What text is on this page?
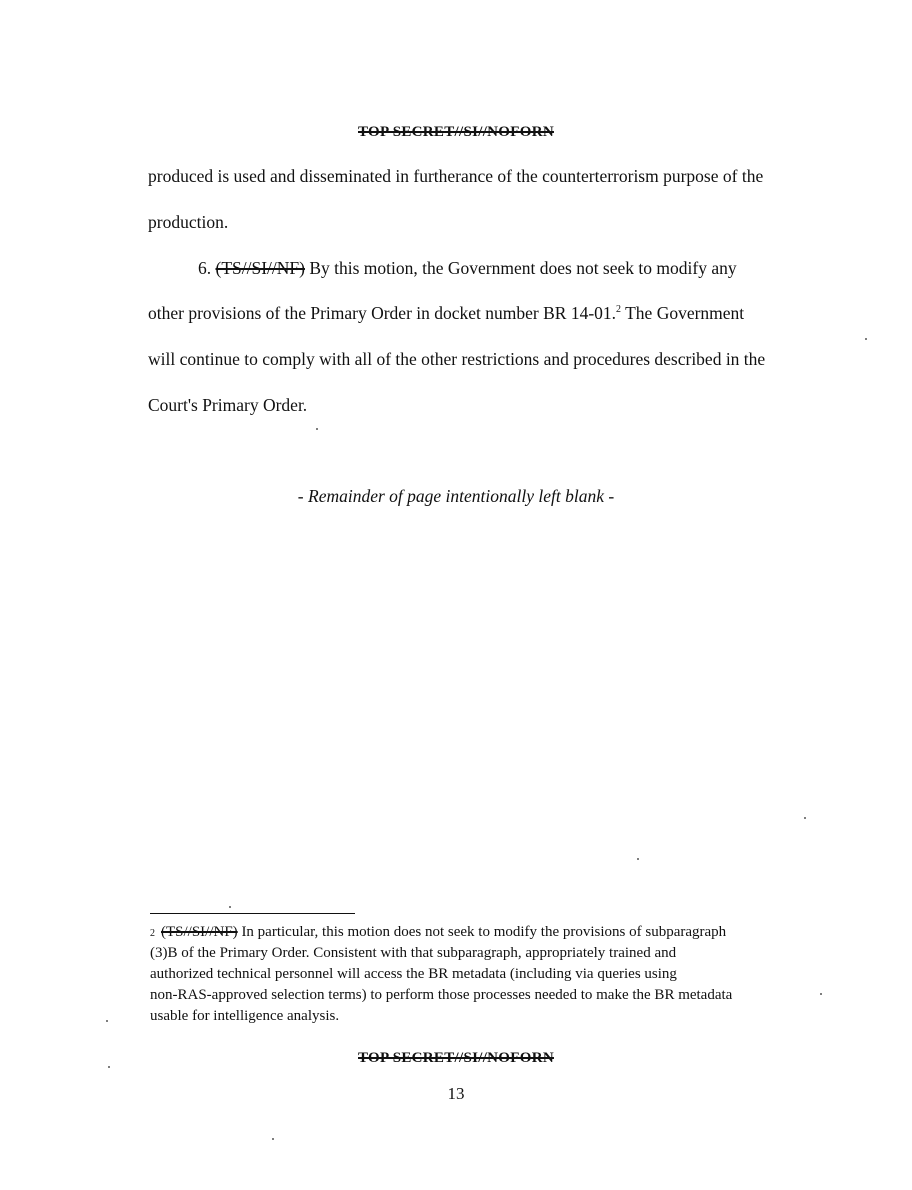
TOP SECRET//SI//NOFORN
produced is used and disseminated in furtherance of the counterterrorism purpose of the
production.
6. (TS//SI//NF) By this motion, the Government does not seek to modify any
other provisions of the Primary Order in docket number BR 14-01.$^2$ The Government
will continue to comply with all of the other restrictions and procedures described in the
Court's Primary Order.
- Remainder of page intentionally left blank -
2 (TS//SI//NF) In particular, this motion does not seek to modify the provisions of subparagraph
(3)B of the Primary Order. Consistent with that subparagraph, appropriately trained and
authorized technical personnel will access the BR metadata (including via queries using
non-RAS-approved selection terms) to perform those processes needed to make the BR metadata
usable for intelligence analysis.
TOP SECRET//SI//NOFORN
13
